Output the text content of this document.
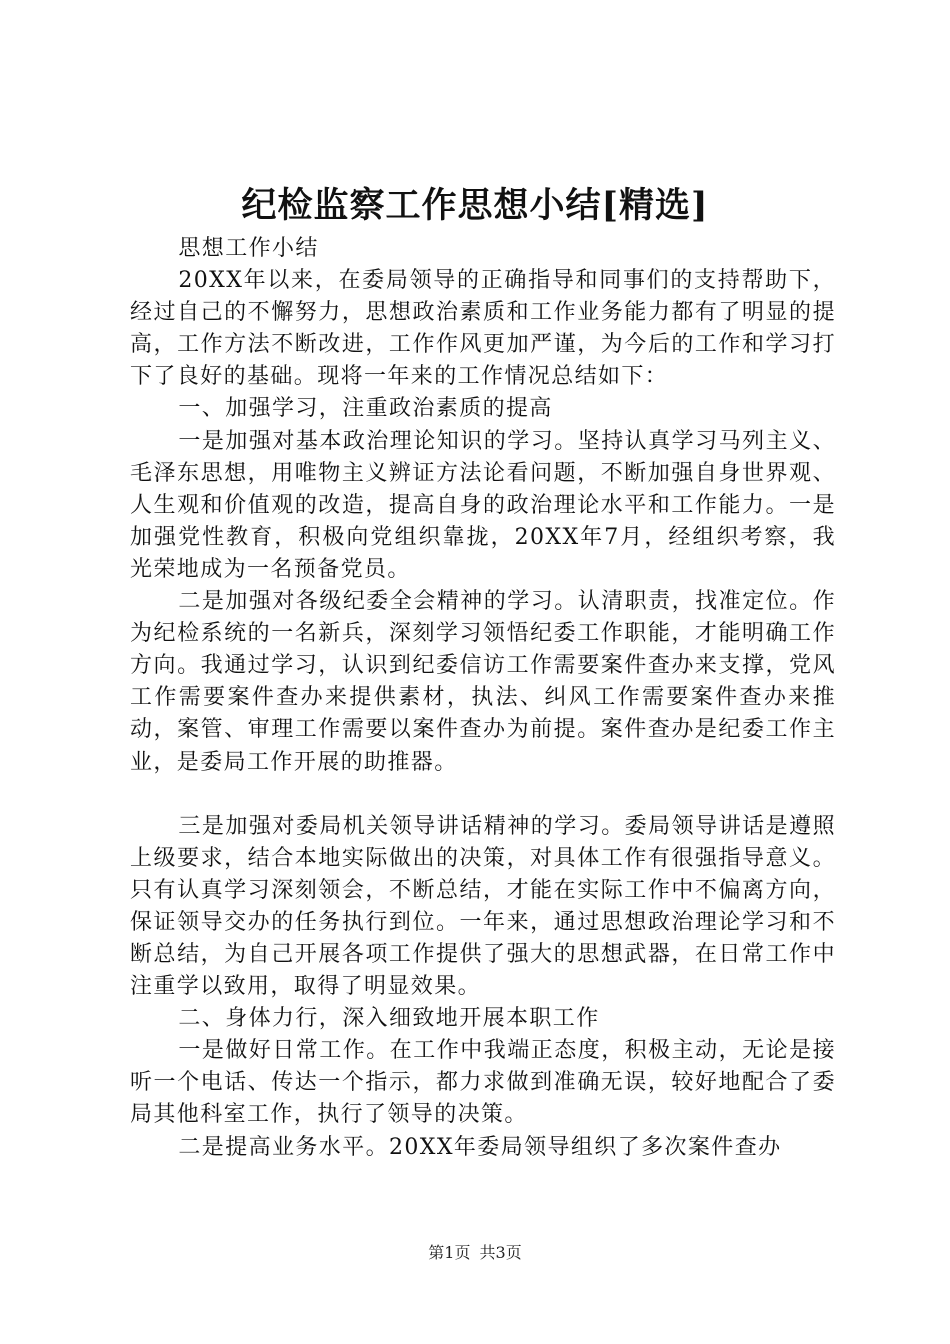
纪检监察工作思想小结[精选]

思想工作小结

20XX年以来，在委局领导的正确指导和同事们的支持帮助下，经过自己的不懈努力，思想政治素质和工作业务能力都有了明显的提高，工作方法不断改进，工作作风更加严谨，为今后的工作和学习打下了良好的基础。现将一年来的工作情况总结如下：

一、加强学习，注重政治素质的提高

一是加强对基本政治理论知识的学习。坚持认真学习马列主义、毛泽东思想，用唯物主义辨证方法论看问题，不断加强自身世界观、人生观和价值观的改造，提高自身的政治理论水平和工作能力。一是加强党性教育，积极向党组织靠拢，20XX年7月，经组织考察，我光荣地成为一名预备党员。

二是加强对各级纪委全会精神的学习。认清职责，找准定位。作为纪检系统的一名新兵，深刻学习领悟纪委工作职能，才能明确工作方向。我通过学习，认识到纪委信访工作需要案件查办来支撑，党风工作需要案件查办来提供素材，执法、纠风工作需要案件查办来推动，案管、审理工作需要以案件查办为前提。案件查办是纪委工作主业，是委局工作开展的助推器。

三是加强对委局机关领导讲话精神的学习。委局领导讲话是遵照上级要求，结合本地实际做出的决策，对具体工作有很强指导意义。只有认真学习深刻领会，不断总结，才能在实际工作中不偏离方向，保证领导交办的任务执行到位。一年来，通过思想政治理论学习和不断总结，为自己开展各项工作提供了强大的思想武器，在日常工作中注重学以致用，取得了明显效果。

二、身体力行，深入细致地开展本职工作

一是做好日常工作。在工作中我端正态度，积极主动，无论是接听一个电话、传达一个指示，都力求做到准确无误，较好地配合了委局其他科室工作，执行了领导的决策。

二是提高业务水平。20XX年委局领导组织了多次案件查办

第1页 共3页
